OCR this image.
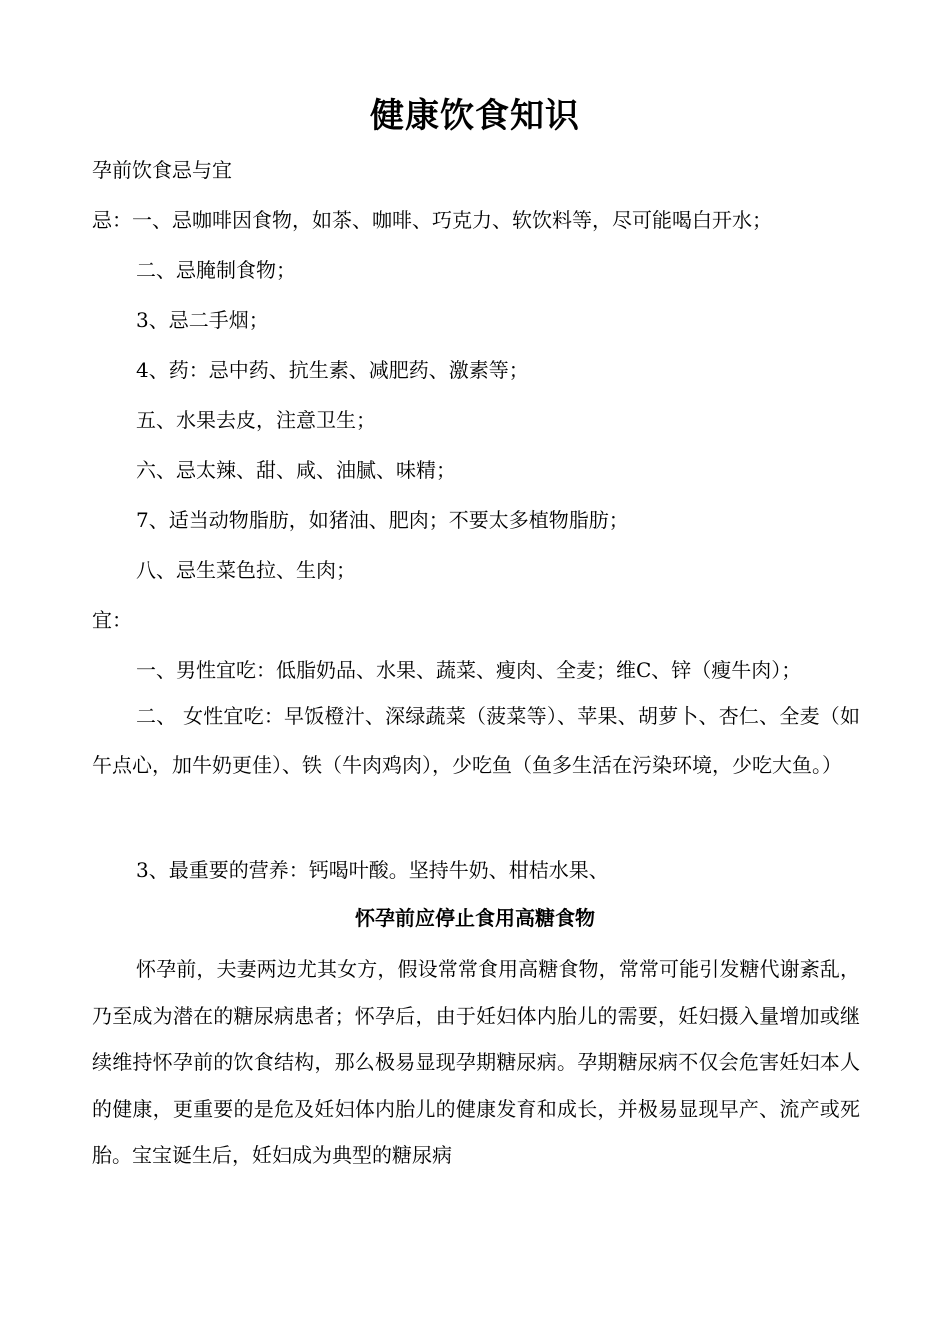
健康饮食知识
孕前饮食忌与宜
忌：一、忌咖啡因食物，如茶、咖啡、巧克力、软饮料等，尽可能喝白开水；
二、忌腌制食物；
3、忌二手烟；
4、药：忌中药、抗生素、减肥药、激素等；
五、水果去皮，注意卫生；
六、忌太辣、甜、咸、油腻、味精；
7、适当动物脂肪，如猪油、肥肉；不要太多植物脂肪；
八、忌生菜色拉、生肉；
宜：
一、男性宜吃：低脂奶品、水果、蔬菜、瘦肉、全麦；维C、锌（瘦牛肉）；
二、 女性宜吃：早饭橙汁、深绿蔬菜（菠菜等）、苹果、胡萝卜、杏仁、全麦（如午点心，加牛奶更佳）、铁（牛肉鸡肉），少吃鱼（鱼多生活在污染环境，少吃大鱼。）
3、最重要的营养：钙喝叶酸。坚持牛奶、柑桔水果、
怀孕前应停止食用高糖食物
怀孕前，夫妻两边尤其女方，假设常常食用高糖食物，常常可能引发糖代谢紊乱，乃至成为潜在的糖尿病患者；怀孕后，由于妊妇体内胎儿的需要，妊妇摄入量增加或继续维持怀孕前的饮食结构，那么极易显现孕期糖尿病。孕期糖尿病不仅会危害妊妇本人的健康，更重要的是危及妊妇体内胎儿的健康发育和成长，并极易显现早产、流产或死胎。宝宝诞生后，妊妇成为典型的糖尿病
